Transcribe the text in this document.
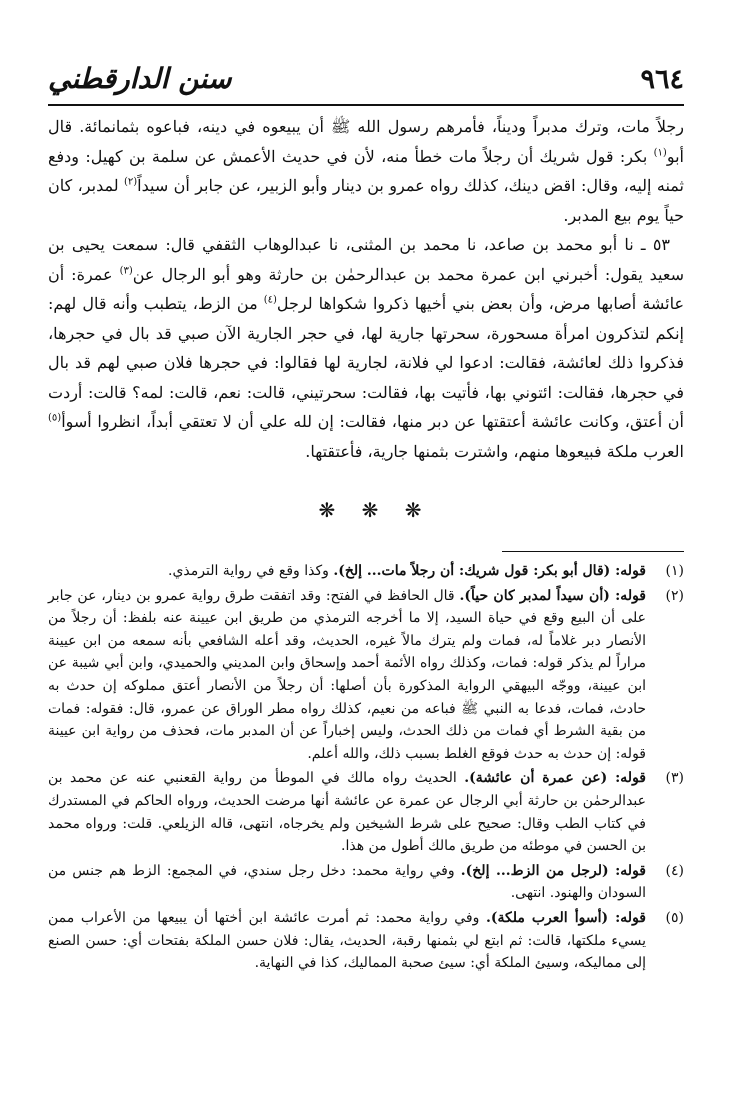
٩٦٤
سنن الدارقطني

رجلاً مات، وترك مدبراً وديناً، فأمرهم رسول الله ﷺ أن يبيعوه في دينه، فباعوه بثمانمائة. قال أبو$^{(١)}$ بكر: قول شريك أن رجلاً مات خطأ منه، لأن في حديث الأعمش عن سلمة بن كهيل: ودفع ثمنه إليه، وقال: اقض دينك، كذلك رواه عمرو بن دينار وأبو الزبير، عن جابر أن سيداً$^{(٢)}$ لمدبر، كان حياً يوم بيع المدبر.

٥٣ ـ نا أبو محمد بن صاعد، نا محمد بن المثنى، نا عبدالوهاب الثقفي قال: سمعت يحيى بن سعيد يقول: أخبرني ابن عمرة محمد بن عبدالرحمٰن بن حارثة وهو أبو الرجال عن$^{(٣)}$ عمرة: أن عائشة أصابها مرض، وأن بعض بني أخيها ذكروا شكواها لرجل$^{(٤)}$ من الزط، يتطبب وأنه قال لهم: إنكم لتذكرون امرأة مسحورة، سحرتها جارية لها، في حجر الجارية الآن صبي قد بال في حجرها، فذكروا ذلك لعائشة، فقالت: ادعوا لي فلانة، لجارية لها فقالوا: في حجرها فلان صبي لهم قد بال في حجرها، فقالت: ائتوني بها، فأتيت بها، فقالت: سحرتيني، قالت: نعم، قالت: لمه؟ قالت: أردت أن أعتق، وكانت عائشة أعتقتها عن دبر منها، فقالت: إن لله علي أن لا تعتقي أبداً، انظروا أسوأ$^{(٥)}$ العرب ملكة فبيعوها منهم، واشترت بثمنها جارية، فأعتقتها.

❋ ❋ ❋
(١)
قوله: (قال أبو بكر: قول شريك: أن رجلاً مات... إلخ). وكذا وقع في رواية الترمذي.
(٢)
قوله: (أن سيداً لمدبر كان حياً). قال الحافظ في الفتح: وقد اتفقت طرق رواية عمرو بن دينار، عن جابر على أن البيع وقع في حياة السيد، إلا ما أخرجه الترمذي من طريق ابن عيينة عنه بلفظ: أن رجلاً من الأنصار دبر غلاماً له، فمات ولم يترك مالاً غيره، الحديث، وقد أعله الشافعي بأنه سمعه من ابن عيينة مراراً لم يذكر قوله: فمات، وكذلك رواه الأئمة أحمد وإسحاق وابن المديني والحميدي، وابن أبي شيبة عن ابن عيينة، ووجّه البيهقي الرواية المذكورة بأن أصلها: أن رجلاً من الأنصار أعتق مملوكه إن حدث به حادث، فمات، فدعا به النبي ﷺ فباعه من نعيم، كذلك رواه مطر الوراق عن عمرو، قال: فقوله: فمات من بقية الشرط أي فمات من ذلك الحدث، وليس إخباراً عن أن المدبر مات، فحذف من رواية ابن عيينة قوله: إن حدث به حدث فوقع الغلط بسبب ذلك، والله أعلم.
(٣)
قوله: (عن عمرة أن عائشة). الحديث رواه مالك في الموطأ من رواية القعنبي عنه عن محمد بن عبدالرحمٰن بن حارثة أبي الرجال عن عمرة عن عائشة أنها مرضت الحديث، ورواه الحاكم في المستدرك في كتاب الطب وقال: صحيح على شرط الشيخين ولم يخرجاه، انتهى، قاله الزيلعي. قلت: ورواه محمد بن الحسن في موطئه من طريق مالك أطول من هذا.
(٤)
قوله: (لرجل من الزط... إلخ). وفي رواية محمد: دخل رجل سندي، في المجمع: الزط هم جنس من السودان والهنود. انتهى.
(٥)
قوله: (أسوأ العرب ملكة). وفي رواية محمد: ثم أمرت عائشة ابن أختها أن يبيعها من الأعراب ممن يسيء ملكتها، قالت: ثم ابتع لي بثمنها رقبة، الحديث، يقال: فلان حسن الملكة بفتحات أي: حسن الصنع إلى مماليكه، وسيئ الملكة أي: سيئ صحبة المماليك، كذا في النهاية.
